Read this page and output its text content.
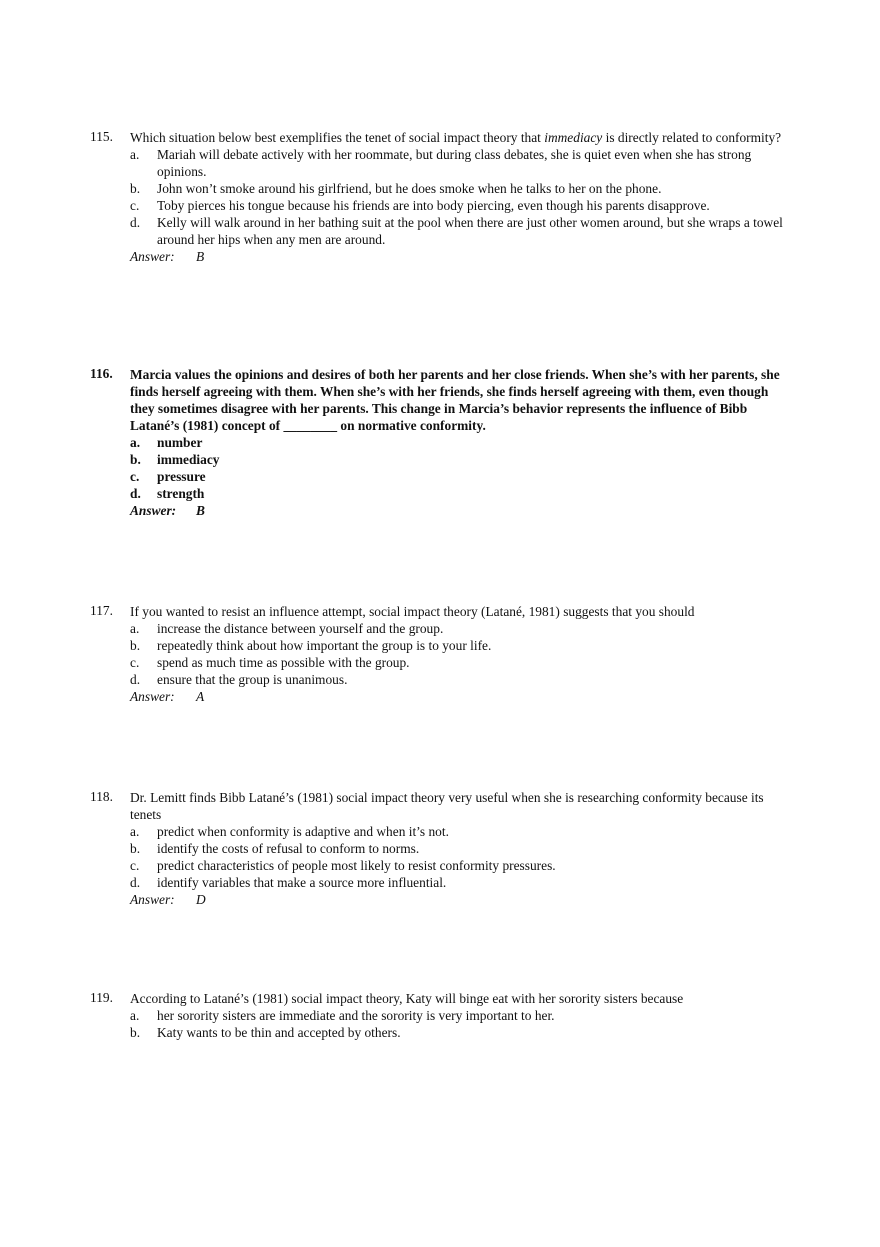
115.	Which situation below best exemplifies the tenet of social impact theory that immediacy is directly related to conformity?

a.	Mariah will debate actively with her roommate, but during class debates, she is quiet even when she has strong opinions.
b.	John won’t smoke around his girlfriend, but he does smoke when he talks to her on the phone.
c.	Toby pierces his tongue because his friends are into body piercing, even though his parents disapprove.
d.	Kelly will walk around in her bathing suit at the pool when there are just other women around, but she wraps a towel around her hips when any men are around.
Answer:	B
116.	Marcia values the opinions and desires of both her parents and her close friends. When she’s with her parents, she finds herself agreeing with them. When she’s with her friends, she finds herself agreeing with them, even though they sometimes disagree with her parents. This change in Marcia’s behavior represents the influence of Bibb Latané’s (1981) concept of ________ on normative conformity.

a.	number
b.	immediacy
c.	pressure
d.	strength
Answer:	B
117.	If you wanted to resist an influence attempt, social impact theory (Latané, 1981) suggests that you should

a.	increase the distance between yourself and the group.
b.	repeatedly think about how important the group is to your life.
c.	spend as much time as possible with the group.
d.	ensure that the group is unanimous.
Answer:	A
118.	Dr. Lemitt finds Bibb Latané’s (1981) social impact theory very useful when she is researching conformity because its tenets

a.	predict when conformity is adaptive and when it’s not.
b.	identify the costs of refusal to conform to norms.
c.	predict characteristics of people most likely to resist conformity pressures.
d.	identify variables that make a source more influential.
Answer:	D
119.	According to Latané’s (1981) social impact theory, Katy will binge eat with her sorority sisters because

a.	her sorority sisters are immediate and the sorority is very important to her.
b.	Katy wants to be thin and accepted by others.
